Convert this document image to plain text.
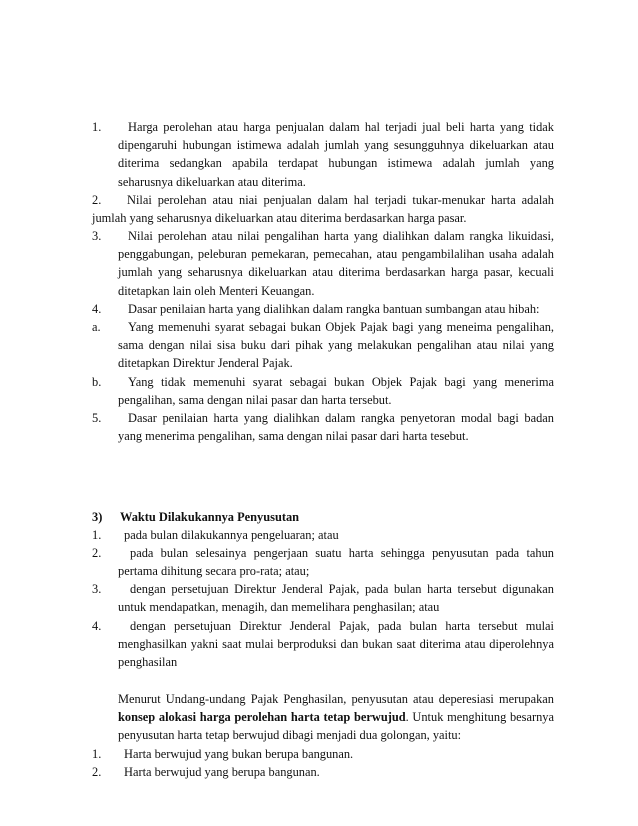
1.	Harga perolehan atau harga penjualan dalam hal terjadi jual beli harta yang tidak dipengaruhi hubungan istimewa adalah jumlah yang sesungguhnya dikeluarkan atau diterima sedangkan apabila terdapat hubungan istimewa adalah jumlah yang seharusnya dikeluarkan atau diterima.
2.	Nilai perolehan atau niai penjualan dalam hal terjadi tukar-menukar harta adalah jumlah yang seharusnya dikeluarkan atau diterima berdasarkan harga pasar.
3.	Nilai perolehan atau nilai pengalihan harta yang dialihkan dalam rangka likuidasi, penggabungan, peleburan pemekaran, pemecahan, atau pengambilalihan usaha adalah jumlah yang seharusnya dikeluarkan atau diterima berdasarkan harga pasar, kecuali ditetapkan lain oleh Menteri Keuangan.
4.	Dasar penilaian harta yang dialihkan dalam rangka bantuan sumbangan atau hibah:
a.	Yang memenuhi syarat sebagai bukan Objek Pajak bagi yang meneima pengalihan, sama dengan nilai sisa buku dari pihak yang melakukan pengalihan atau nilai yang ditetapkan Direktur Jenderal Pajak.
b.	Yang tidak memenuhi syarat sebagai bukan Objek Pajak bagi yang menerima pengalihan, sama dengan nilai pasar dan harta tersebut.
5.	Dasar penilaian harta yang dialihkan dalam rangka penyetoran modal bagi badan yang menerima pengalihan, sama dengan nilai pasar dari harta tesebut.
3) Waktu Dilakukannya Penyusutan
1.	pada bulan dilakukannya pengeluaran; atau
2.	pada bulan selesainya pengerjaan suatu harta sehingga penyusutan pada tahun pertama dihitung secara pro-rata; atau;
3.	dengan persetujuan Direktur Jenderal Pajak, pada bulan harta tersebut digunakan untuk mendapatkan, menagih, dan memelihara penghasilan; atau
4.	dengan persetujuan Direktur Jenderal Pajak, pada bulan harta tersebut mulai menghasilkan yakni saat mulai berproduksi dan bukan saat diterima atau diperolehnya penghasilan
Menurut Undang-undang Pajak Penghasilan, penyusutan atau deperesiasi merupakan konsep alokasi harga perolehan harta tetap berwujud. Untuk menghitung besarnya penyusutan harta tetap berwujud dibagi menjadi dua golongan, yaitu:
1.	Harta berwujud yang bukan berupa bangunan.
2.	Harta berwujud yang berupa bangunan.
